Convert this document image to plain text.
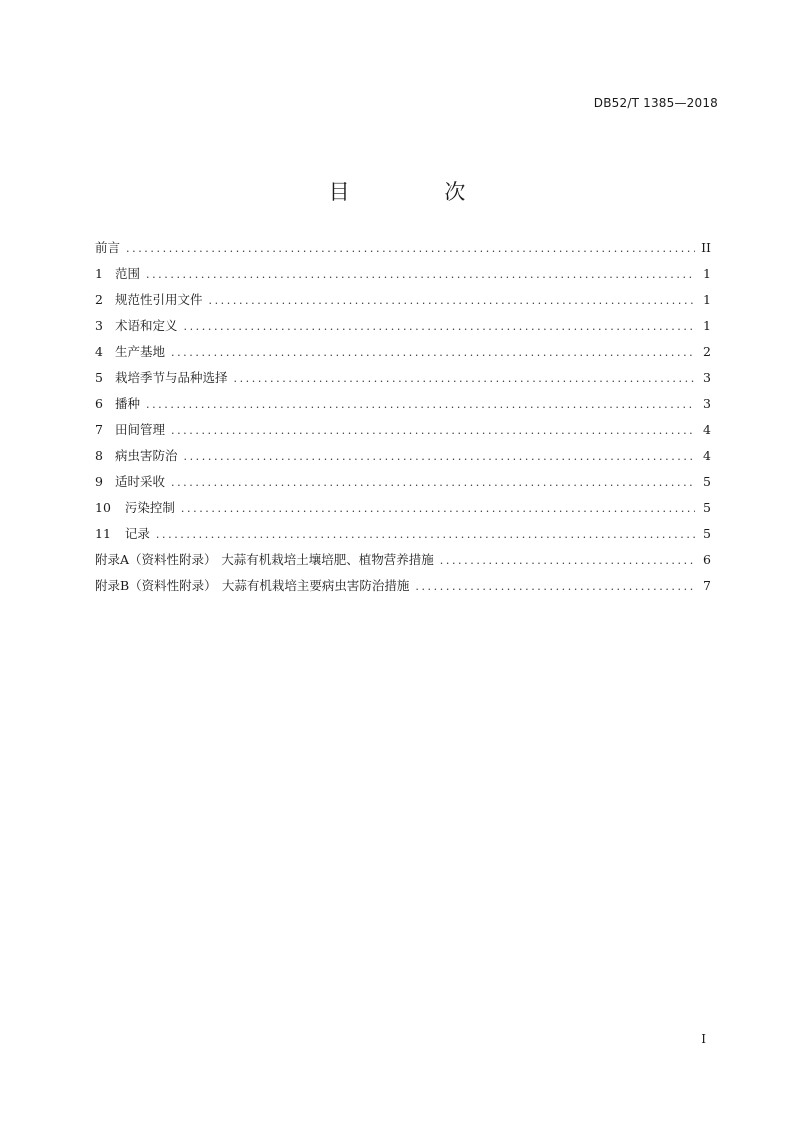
DB52/T 1385—2018
目 次
前言 .....	II
1 范围 .....	1
2 规范性引用文件 .....	1
3 术语和定义 .....	1
4 生产基地 .....	2
5 栽培季节与品种选择 .....	3
6 播种 .....	3
7 田间管理 .....	4
8 病虫害防治 .....	4
9 适时采收 .....	5
10 污染控制 .....	5
11 记录 .....	5
附录A（资料性附录） 大蒜有机栽培土壤培肥、植物营养措施 .....	6
附录B（资料性附录） 大蒜有机栽培主要病虫害防治措施 .....	7
I
